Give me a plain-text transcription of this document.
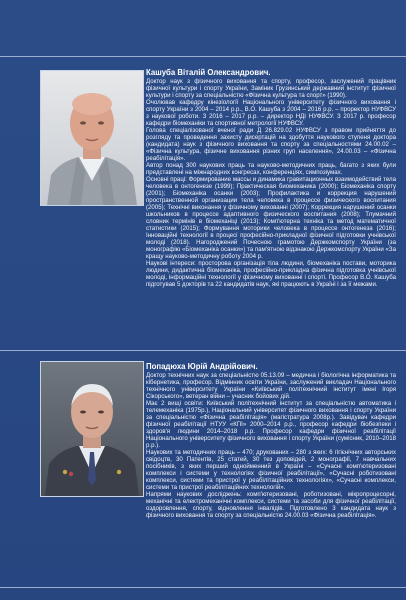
Кашуба Віталій Олександрович.

Доктор наук з фізичного виховання та спорту, професор, заслужений працівник фізичної культури і спорту України, Заміник Грузинський державний інститут фізичної культури і спорту за спеціальністю «Фізична культура та спорт» (1990).

Очолював кафедру кінезіології Національного університету фізичного виховання і спорту України з 2004 – 2014 р.р., В.О. Кашуба з 2004 – 2016 р.р. – проректор НУФВСУ з наукової роботи. З 2016 – 2017 р.р. – директор НДІ НУФВСУ. З 2017 р. професор кафедри біомеханіки та спортивної метрології НУФВСУ.

Голова спеціалізованої вченої ради Д 26.829.02 НУФВСУ з правом прийняття до розгляду та проведення захисту дисертацій на здобуття наукового ступеня доктора (кандидата) наук з фізичного виховання та спорту за спеціальностями 24.00.02 – «Фізична культура, фізичне виховання різних груп населення», 24.00.03 – «Фізична реабілітація».

Автор понад 300 наукових праць та науково-методичних праць, багато з яких були представлені на міжнародних конгресах, конференціях, симпозіумах.

Основні праці: Формирование массы и динамика гравитационных взаимодействий тела человека в онтогенезе (1999); Практическая биомеханика (2000); Біомеханіка спорту (2001); Біомеханіка осанки (2003); Профилактика и коррекция нарушений пространственной организации тела человека в процессе физического воспитания (2005); Технічні виконання у фізичному вихованні (2007); Коррекция нарушений осанки школьников в процессе адаптивного физического воспитания (2008); Тлумачний словник термінів в біомеханіці (2013); Комп'ютерна техніка та метод математичної статистики (2015); Формування моторики человека в процессе онтогенеза (2016); Інноваційні технології в процесі професійно-прикладної фізичної підготовки учнівської молоді (2018). Нагороджений Почесною грамотою Держкомспорту України (за монографію «Біомеханіка осанки») та пам'ятною відзнакою Держкомспорту України «За кращу науково-методичну роботу 2004 р.

Наукові інтереси: просторова організація тіла людини, біомеханіка постави, моторика людини, дидактична біомеханіка, професійно-прикладна фізична підготовка учнівської молоді, інформаційні технології у фізичному вихованні і спорті. Професор В.О. Кашуба підготував 5 докторів та 22 кандидатів наук, які працюють в Україні і за її межами.

Попадюха Юрій Андрійович.

Доктор технічних наук за спеціальністю 05.13.09 – медична і біологічна інформатика та кібернетика, професор. Відмінник освіти України, заслужений викладач Національного технічного університету України «Київський політехнічний інститут імені Ігоря Сікорського», ветеран війни – учасник бойових дій.

Має 2 вищі освіти: Київський політехнічний інститут за спеціальністю автоматика і телемеханіка (1975р.), Національний університет фізичного виховання і спорту України за спеціальністю «Фізична реабілітація» (магістратура 2008р.). Завідувач кафедри фізичної реабілітації НТУУ «КПІ» 2000–2014 р.р., професор кафедри біобезпеки і здоров'я людини 2014–2018 р.р. Професор кафедри фізичної реабілітації Національного університету фізичного виховання і спорту України (сумісник, 2010–2018 р.р.).

Наукових та методичних праць – 470; друкованих – 280 з яких: 6 гігієнічних авторських свідоцтв, 30 Патентів, 25 статей, 30 тез доповідей, 2 монографії, 7 навчальних посібників, з яких перший однойменний в Україні – «Сучасні комп'ютеризовані комплекси і системи у технологіях фізичної реабілітації», «Сучасні роботизовані комплекси, системи та пристрої у реабілітаційних технологіях», «Сучасні комплекси, системи та пристрої реабілітаційних технологій».

Напрями наукових досліджень: комп'ютеризовані, роботизовані, мікропроцесорні, механічні та електромеханічні комплекси, системи та засоби для фізичної реабілітації, оздоровлення, спорту, відновлення інвалідів. Підготовлено 3 кандидата наук з фізичного виховання та спорту за спеціальністю 24.00.03 «Фізична реабілітація».
